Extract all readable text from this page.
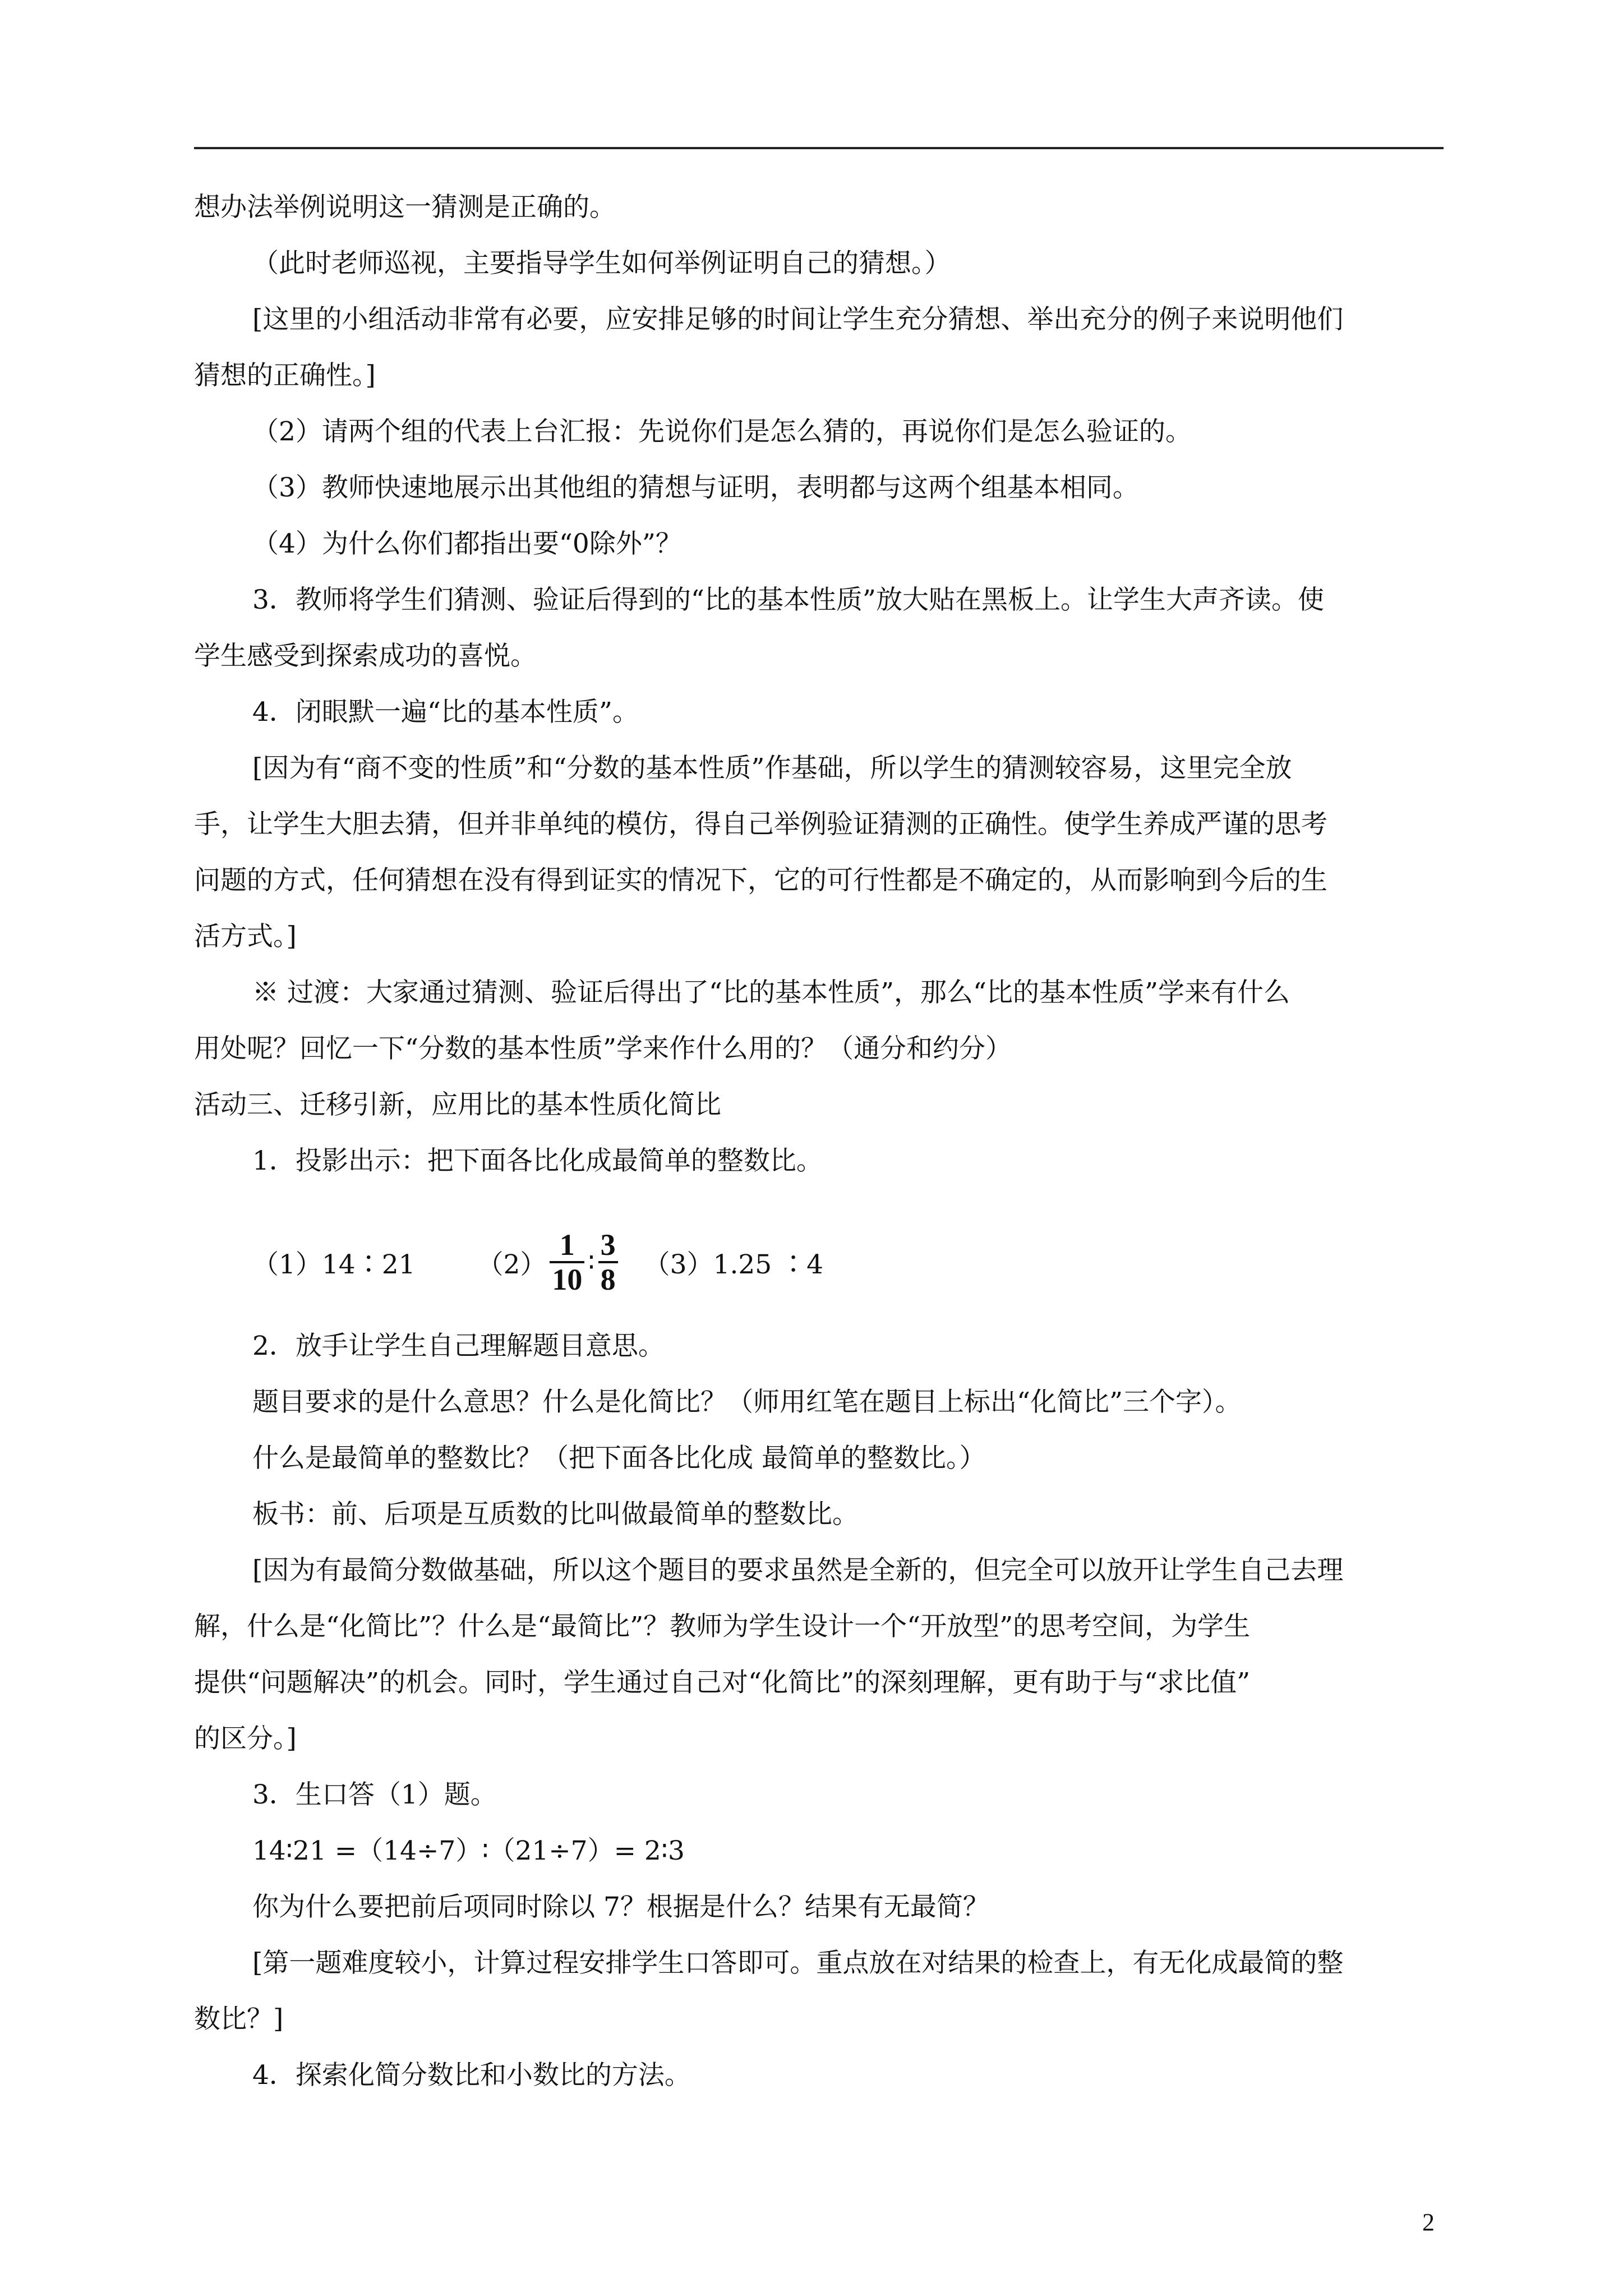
想办法举例说明这一猜测是正确的。
（此时老师巡视，主要指导学生如何举例证明自己的猜想。）
[这里的小组活动非常有必要，应安排足够的时间让学生充分猜想、举出充分的例子来说明他们
猜想的正确性。]
（2）请两个组的代表上台汇报：先说你们是怎么猜的，再说你们是怎么验证的。
（3）教师快速地展示出其他组的猜想与证明，表明都与这两个组基本相同。
（4）为什么你们都指出要“0除外”？
3．教师将学生们猜测、验证后得到的“比的基本性质”放大贴在黑板上。让学生大声齐读。使
学生感受到探索成功的喜悦。
4．闭眼默一遍“比的基本性质”。
[因为有“商不变的性质”和“分数的基本性质”作基础，所以学生的猜测较容易，这里完全放
手，让学生大胆去猜，但并非单纯的模仿，得自己举例验证猜测的正确性。使学生养成严谨的思考
问题的方式，任何猜想在没有得到证实的情况下，它的可行性都是不确定的，从而影响到今后的生
活方式。]
※ 过渡：大家通过猜测、验证后得出了“比的基本性质”，那么“比的基本性质”学来有什么
用处呢？回忆一下“分数的基本性质”学来作什么用的？（通分和约分）
活动三、迁移引新，应用比的基本性质化简比
1．投影出示：把下面各比化成最简单的整数比。
（1）14∶21 $(2) \frac{1}{10}$ ∶ $\frac{3}{8} (3)1.25$ ∶4
2．放手让学生自己理解题目意思。
题目要求的是什么意思？什么是化简比？（师用红笔在题目上标出“化简比”三个字）。
什么是最简单的整数比？（把下面各比化成 最简单的整数比。）
板书：前、后项是互质数的比叫做最简单的整数比。
[因为有最简分数做基础，所以这个题目的要求虽然是全新的，但完全可以放开让学生自己去理
解，什么是“化简比”？什么是“最简比”？教师为学生设计一个“开放型”的思考空间，为学生
提供“问题解决”的机会。同时，学生通过自己对“化简比”的深刻理解，更有助于与“求比值”
的区分。]
3．生口答（1）题。
14∶21 =（14÷7）∶（21÷7）= 2∶3
你为什么要把前后项同时除以 7？根据是什么？结果有无最简？
[第一题难度较小，计算过程安排学生口答即可。重点放在对结果的检查上，有无化成最简的整
数比？]
4．探索化简分数比和小数比的方法。
2
